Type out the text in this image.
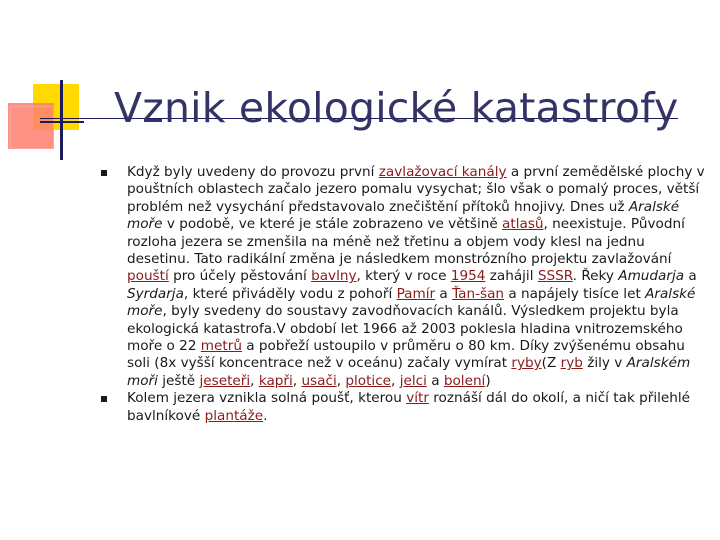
Vznik ekologické katastrofy
Když byly uvedeny do provozu první zavlažovací kanály a první zemědělské plochy v pouštních oblastech začalo jezero pomalu vysychat; šlo však o pomalý proces, větší problém než vysychání představovalo znečištění přítoků hnojivy. Dnes už Aralské moře v podobě, ve které je stále zobrazeno ve většině atlasů, neexistuje. Původní rozloha jezera se zmenšila na méně než třetinu a objem vody klesl na jednu desetinu. Tato radikální změna je následkem monstrózního projektu zavlažování pouští pro účely pěstování bavlny, který v roce 1954 zahájil SSSR. Řeky Amudarja a Syrdarja, které přiváděly vodu z pohoří Pamír a Ťan-šan a napájely tisíce let Aralské moře, byly svedeny do soustavy zavodňovacích kanálů. Výsledkem projektu byla ekologická katastrofa.V období let 1966 až 2003 poklesla hladina vnitrozemského moře o 22 metrů a pobřeží ustoupilo v průměru o 80 km. Díky zvýšenému obsahu soli (8x vyšší koncentrace než v oceánu) začaly vymírat ryby(Z ryb žily v Aralském moři ještě jeseteři, kapři, usači, plotice, jelci a bolení)
Kolem jezera vznikla solná poušť, kterou vítr roznáší dál do okolí, a ničí tak přilehlé bavlníkové plantáže.
